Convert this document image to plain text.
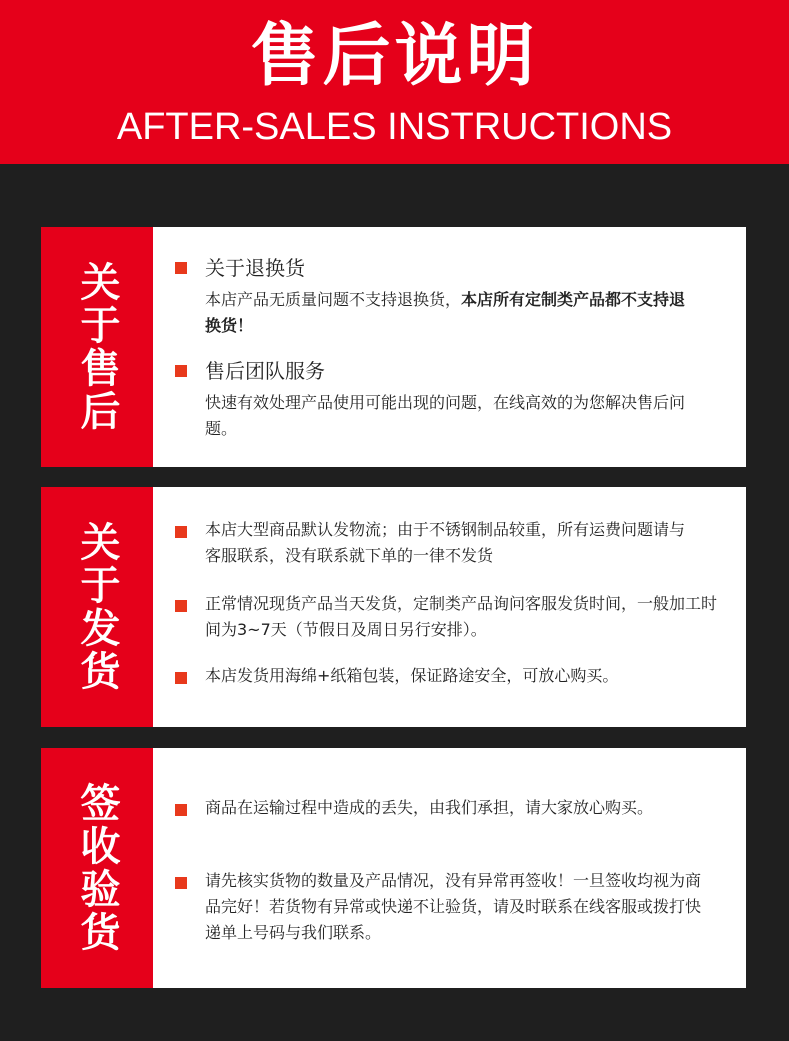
售后说明
AFTER-SALES INSTRUCTIONS
关于售后	关于退换货
本店产品无质量问题不支持退换货，本店所有定制类产品都不支持退换货！
售后团队服务
快速有效处理产品使用可能出现的问题，在线高效的为您解决售后问题。
关于发货	本店大型商品默认发物流；由于不锈钢制品较重，所有运费问题请与客服联系，没有联系就下单的一律不发货
正常情况现货产品当天发货，定制类产品询问客服发货时间，一般加工时间为3~7天（节假日及周日另行安排）。
本店发货用海绵+纸箱包装，保证路途安全，可放心购买。
签收验货	商品在运输过程中造成的丢失，由我们承担，请大家放心购买。
请先核实货物的数量及产品情况，没有异常再签收！一旦签收均视为商品完好！若货物有异常或快递不让验货，请及时联系在线客服或拨打快递单上号码与我们联系。
